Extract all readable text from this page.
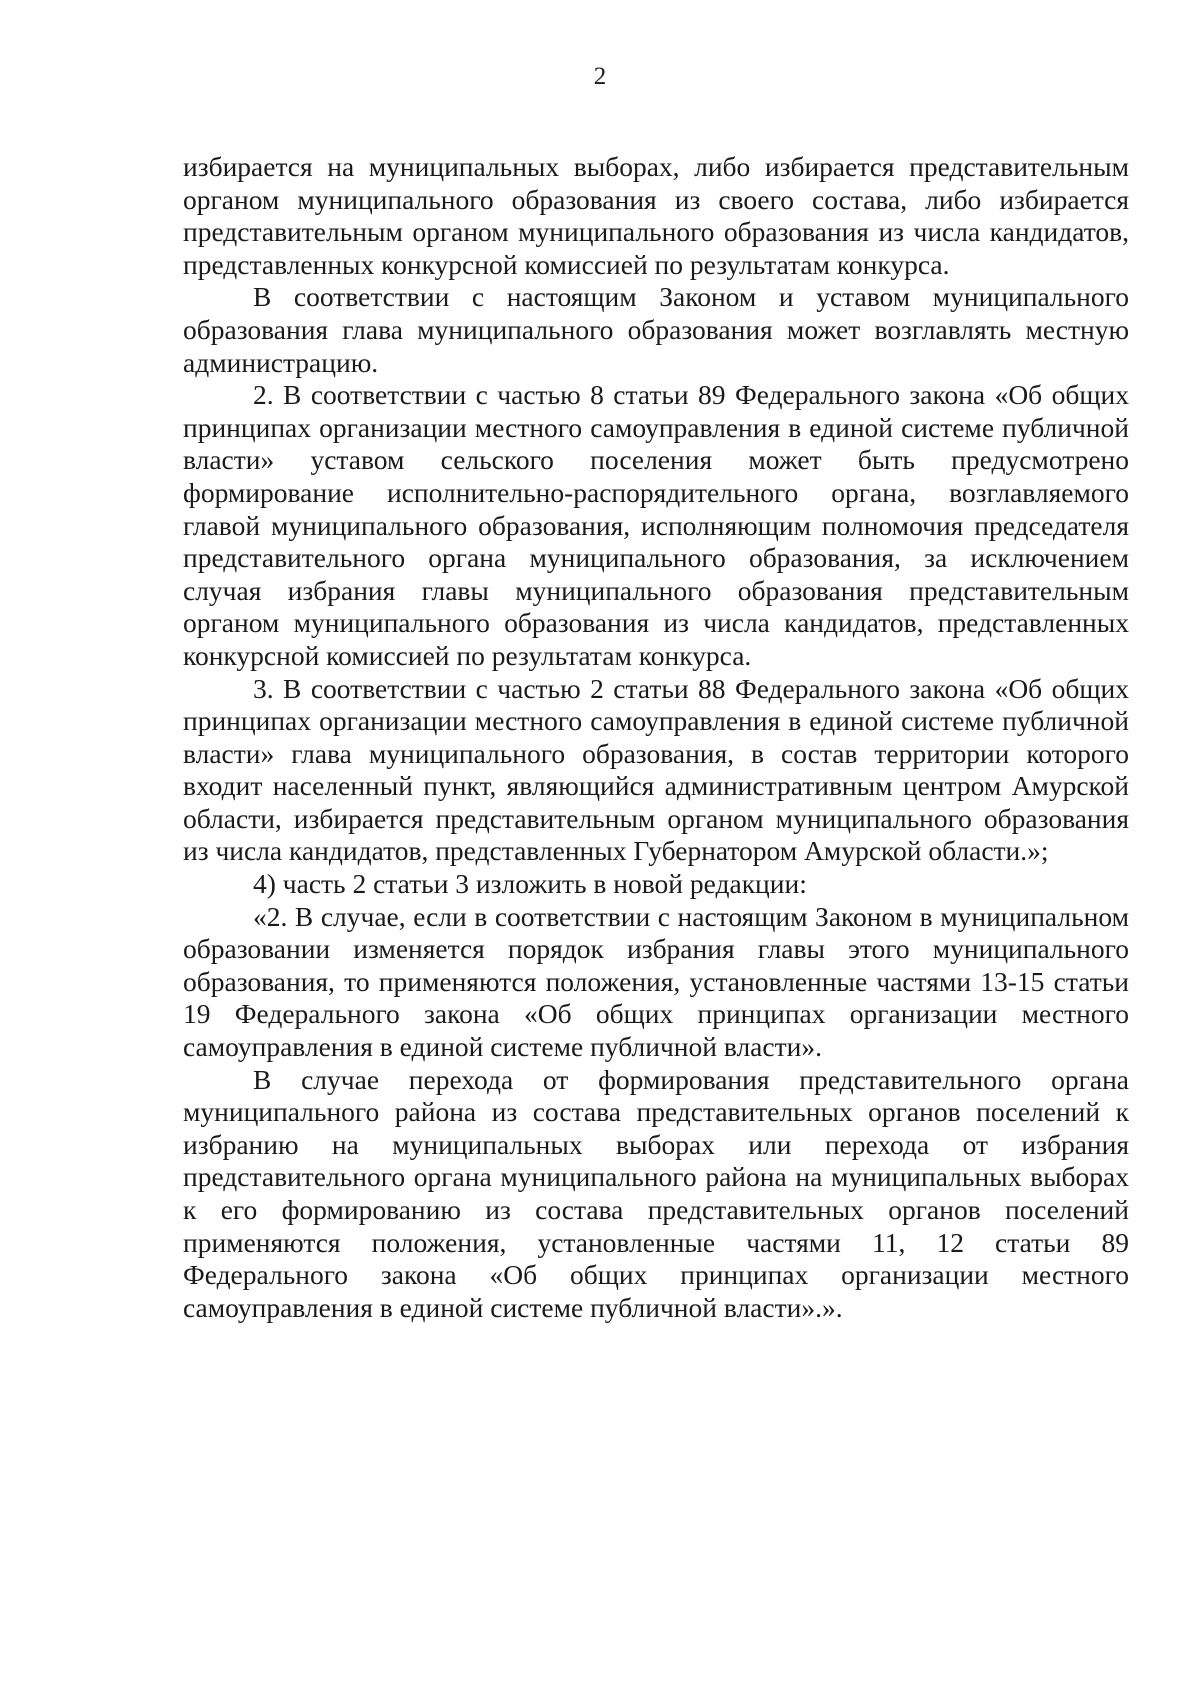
2

избирается на муниципальных выборах, либо избирается представительным органом муниципального образования из своего состава, либо избирается представительным органом муниципального образования из числа кандидатов, представленных конкурсной комиссией по результатам конкурса.

В соответствии с настоящим Законом и уставом муниципального образования глава муниципального образования может возглавлять местную администрацию.

2. В соответствии с частью 8 статьи 89 Федерального закона «Об общих принципах организации местного самоуправления в единой системе публичной власти» уставом сельского поселения может быть предусмотрено формирование исполнительно-распорядительного органа, возглавляемого главой муниципального образования, исполняющим полномочия председателя представительного органа муниципального образования, за исключением случая избрания главы муниципального образования представительным органом муниципального образования из числа кандидатов, представленных конкурсной комиссией по результатам конкурса.

3. В соответствии с частью 2 статьи 88 Федерального закона «Об общих принципах организации местного самоуправления в единой системе публичной власти» глава муниципального образования, в состав территории которого входит населенный пункт, являющийся административным центром Амурской области, избирается представительным органом муниципального образования из числа кандидатов, представленных Губернатором Амурской области.»;

4) часть 2 статьи 3 изложить в новой редакции:

«2. В случае, если в соответствии с настоящим Законом в муниципальном образовании изменяется порядок избрания главы этого муниципального образования, то применяются положения, установленные частями 13-15 статьи 19 Федерального закона «Об общих принципах организации местного самоуправления в единой системе публичной власти».

В случае перехода от формирования представительного органа муниципального района из состава представительных органов поселений к избранию на муниципальных выборах или перехода от избрания представительного органа муниципального района на муниципальных выборах к его формированию из состава представительных органов поселений применяются положения, установленные частями 11, 12 статьи 89 Федерального закона «Об общих принципах организации местного самоуправления в единой системе публичной власти».».
